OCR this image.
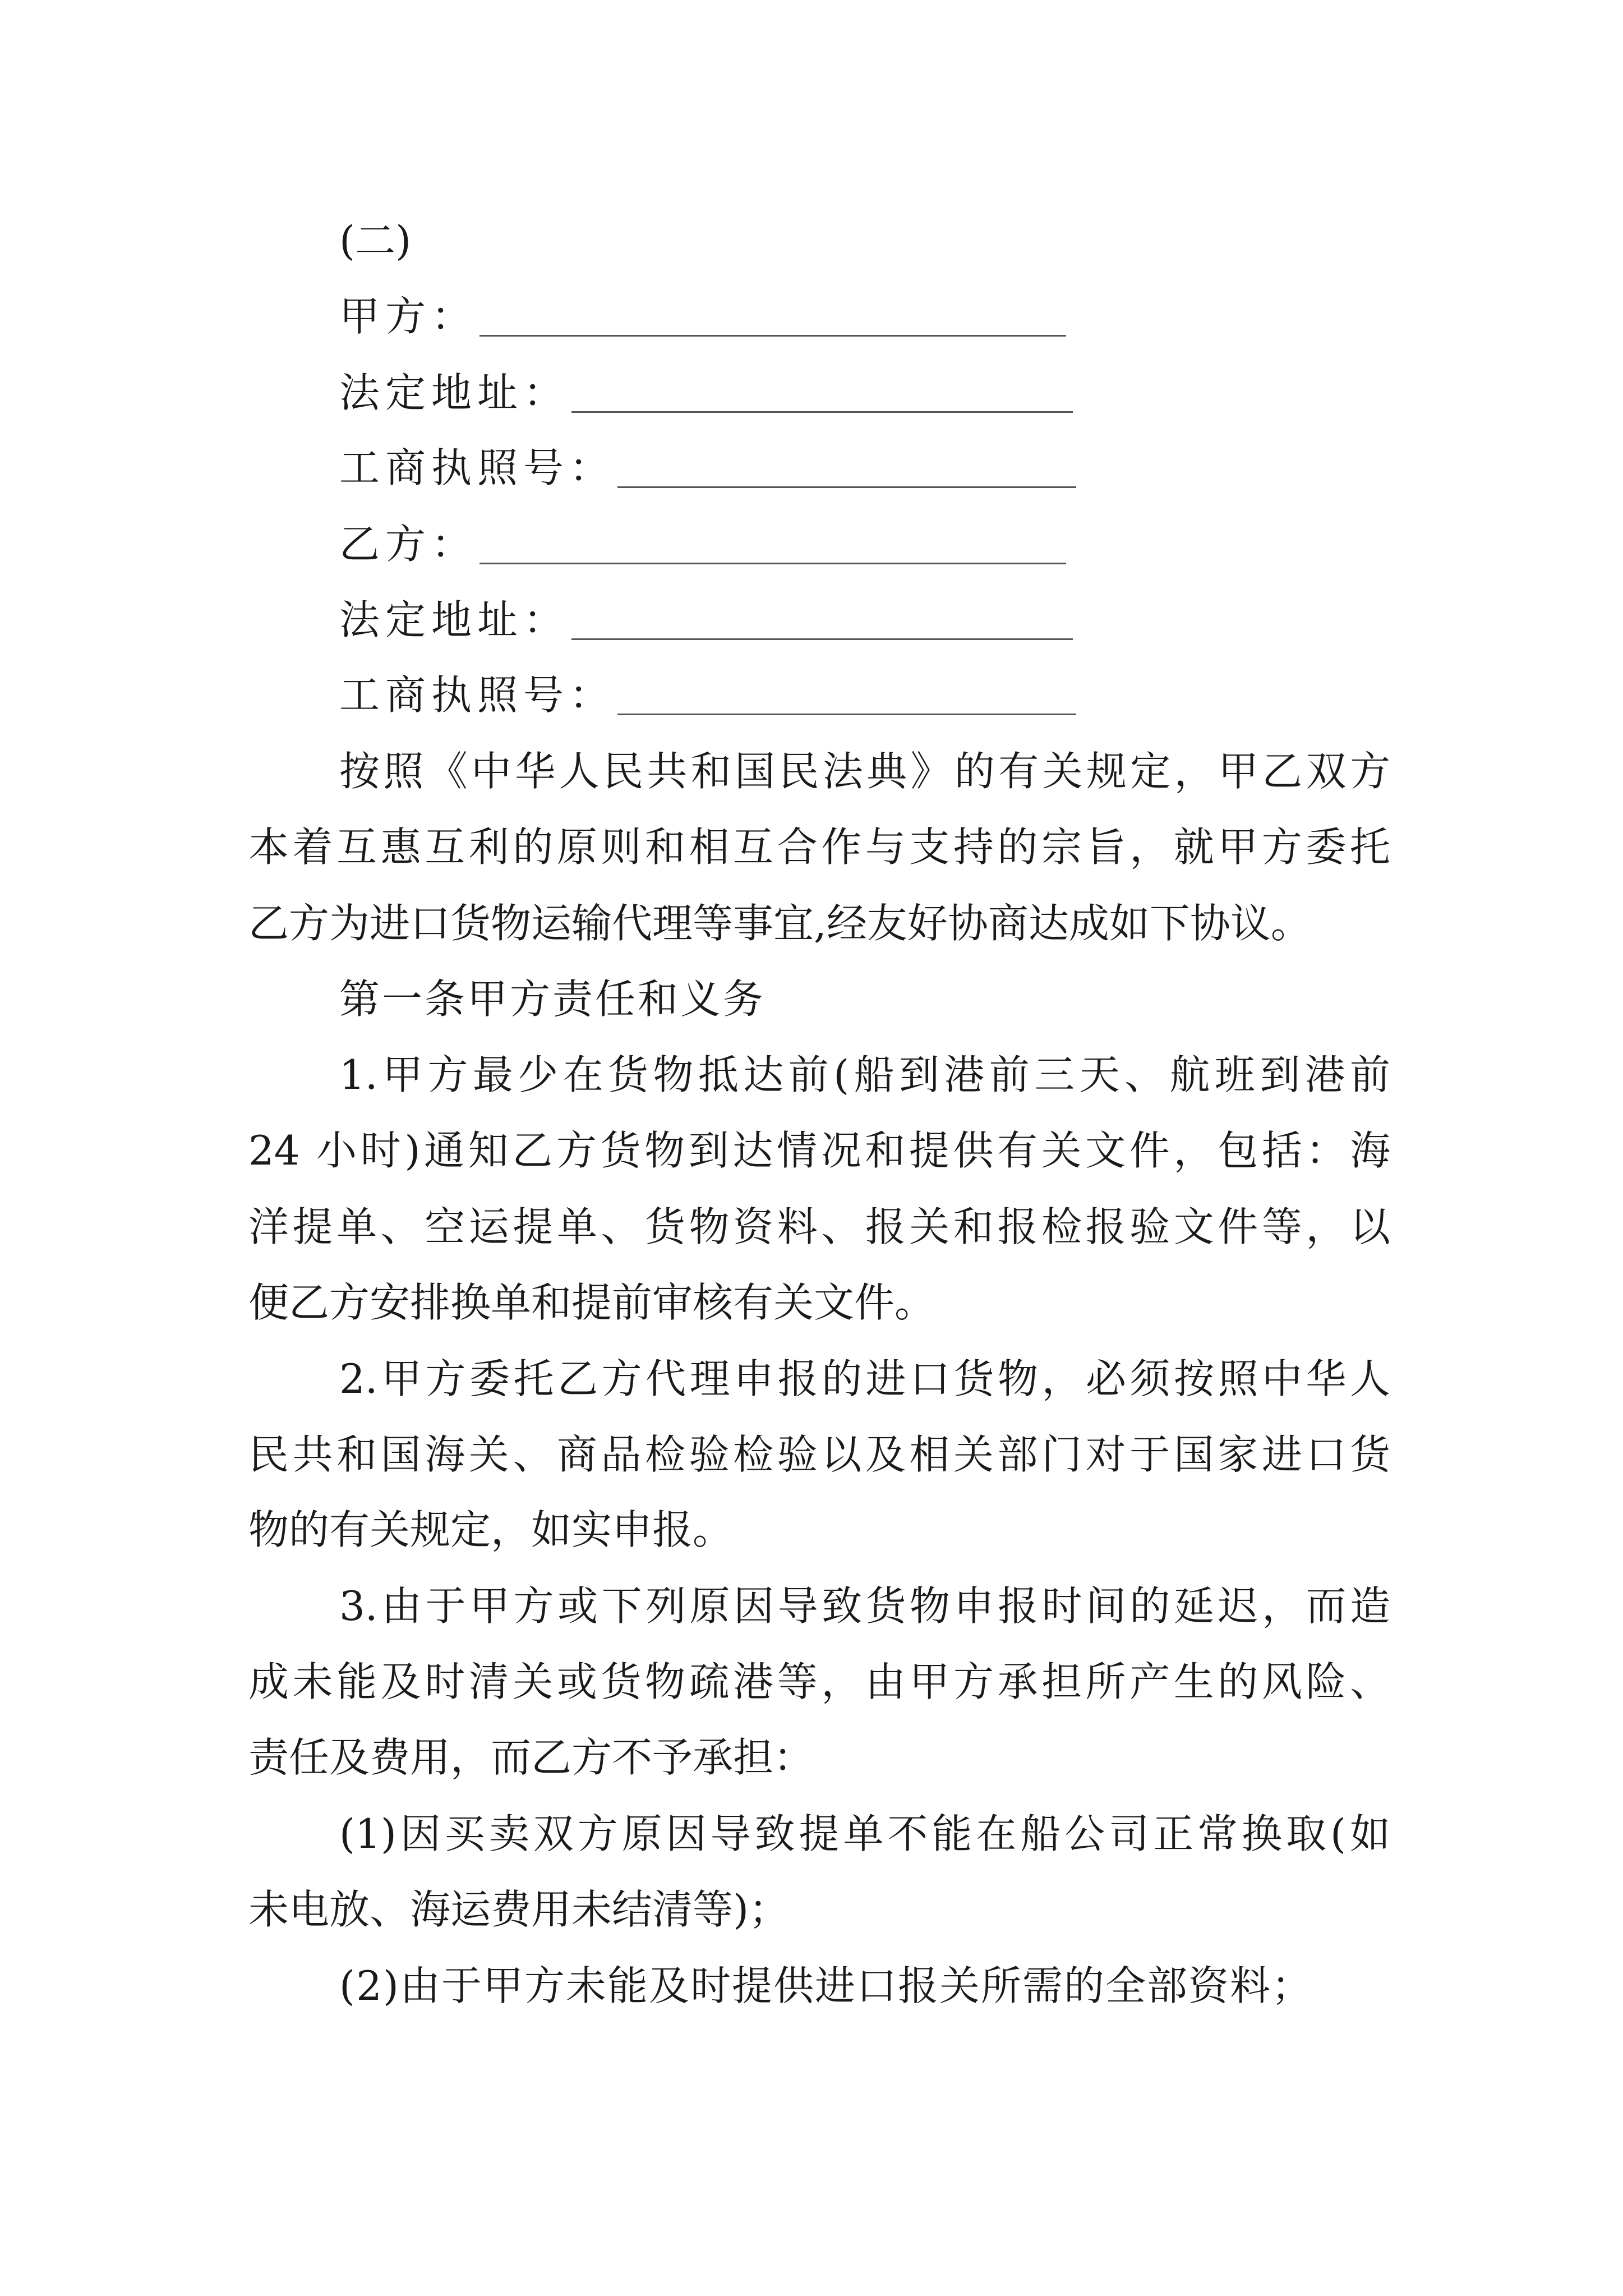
(二)
甲方：
法定地址：
工商执照号：
乙方：
法定地址：
工商执照号：
按照《中华人民共和国民法典》的有关规定，甲乙双方
本着互惠互利的原则和相互合作与支持的宗旨，就甲方委托
乙方为进口货物运输代理等事宜,经友好协商达成如下协议。
第一条甲方责任和义务
1.甲方最少在货物抵达前(船到港前三天、航班到港前
24 小时)通知乙方货物到达情况和提供有关文件，包括：海
洋提单、空运提单、货物资料、报关和报检报验文件等，以
便乙方安排换单和提前审核有关文件。
2.甲方委托乙方代理申报的进口货物，必须按照中华人
民共和国海关、商品检验检验以及相关部门对于国家进口货
物的有关规定，如实申报。
3.由于甲方或下列原因导致货物申报时间的延迟，而造
成未能及时清关或货物疏港等，由甲方承担所产生的风险、
责任及费用，而乙方不予承担：
(1)因买卖双方原因导致提单不能在船公司正常换取(如
未电放、海运费用未结清等)；
(2)由于甲方未能及时提供进口报关所需的全部资料；
